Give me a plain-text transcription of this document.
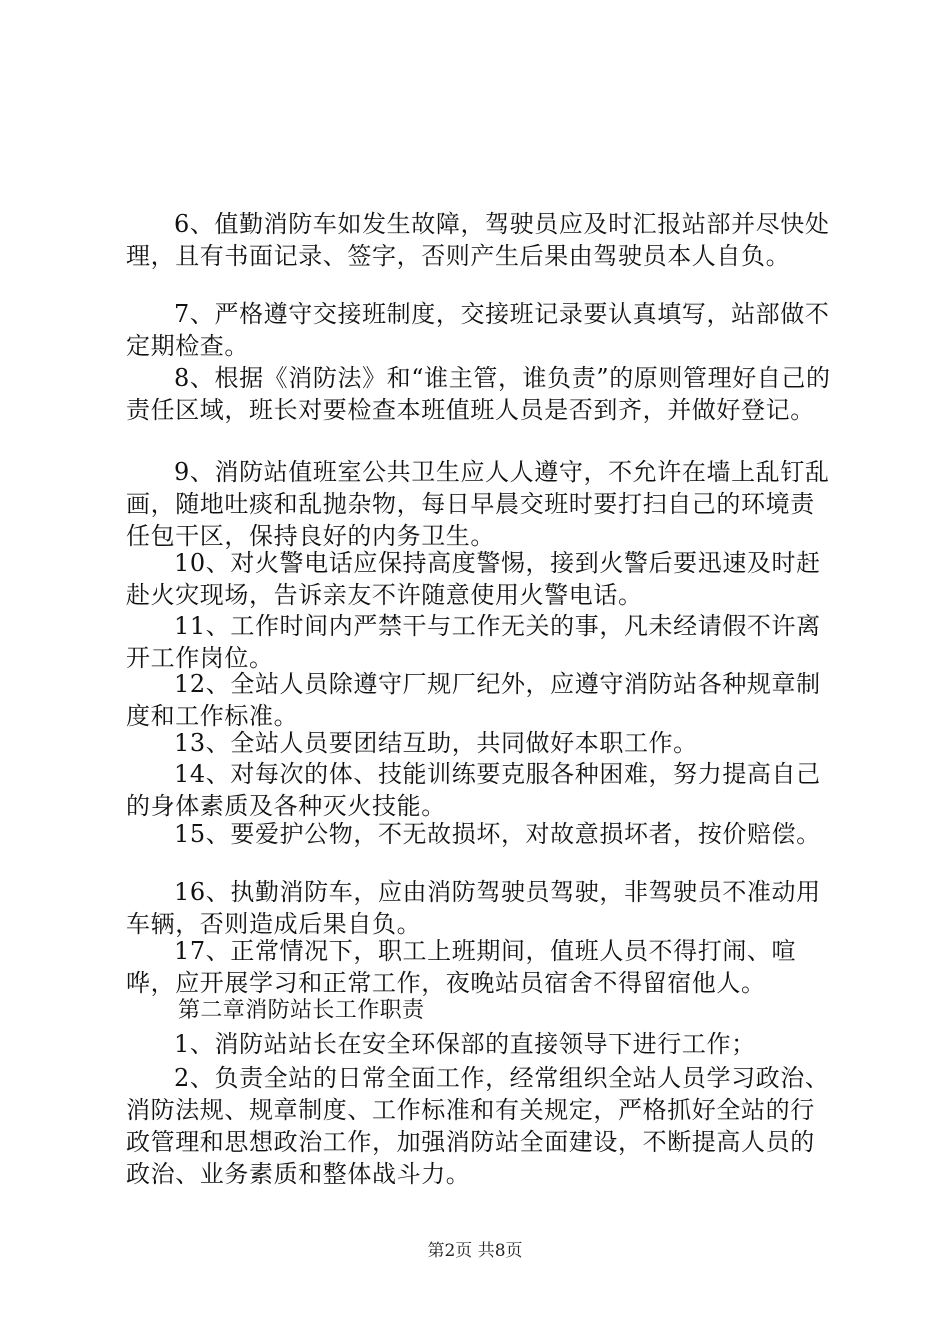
6、值勤消防车如发生故障，驾驶员应及时汇报站部并尽快处理，且有书面记录、签字，否则产生后果由驾驶员本人自负。

7、严格遵守交接班制度，交接班记录要认真填写，站部做不定期检查。

8、根据《消防法》和“谁主管，谁负责”的原则管理好自己的责任区域，班长对要检查本班值班人员是否到齐，并做好登记。

9、消防站值班室公共卫生应人人遵守，不允许在墙上乱钉乱画，随地吐痰和乱抛杂物，每日早晨交班时要打扫自己的环境责任包干区，保持良好的内务卫生。

10、对火警电话应保持高度警惕，接到火警后要迅速及时赶赴火灾现场，告诉亲友不许随意使用火警电话。

11、工作时间内严禁干与工作无关的事，凡未经请假不许离开工作岗位。

12、全站人员除遵守厂规厂纪外，应遵守消防站各种规章制度和工作标准。

13、全站人员要团结互助，共同做好本职工作。

14、对每次的体、技能训练要克服各种困难，努力提高自己的身体素质及各种灭火技能。

15、要爱护公物，不无故损坏，对故意损坏者，按价赔偿。

16、执勤消防车，应由消防驾驶员驾驶，非驾驶员不准动用车辆，否则造成后果自负。

17、正常情况下，职工上班期间，值班人员不得打闹、喧哗，应开展学习和正常工作，夜晚站员宿舍不得留宿他人。

第二章消防站长工作职责

1、消防站站长在安全环保部的直接领导下进行工作；

2、负责全站的日常全面工作，经常组织全站人员学习政治、消防法规、规章制度、工作标准和有关规定，严格抓好全站的行政管理和思想政治工作，加强消防站全面建设，不断提高人员的政治、业务素质和整体战斗力。

第2页 共8页
